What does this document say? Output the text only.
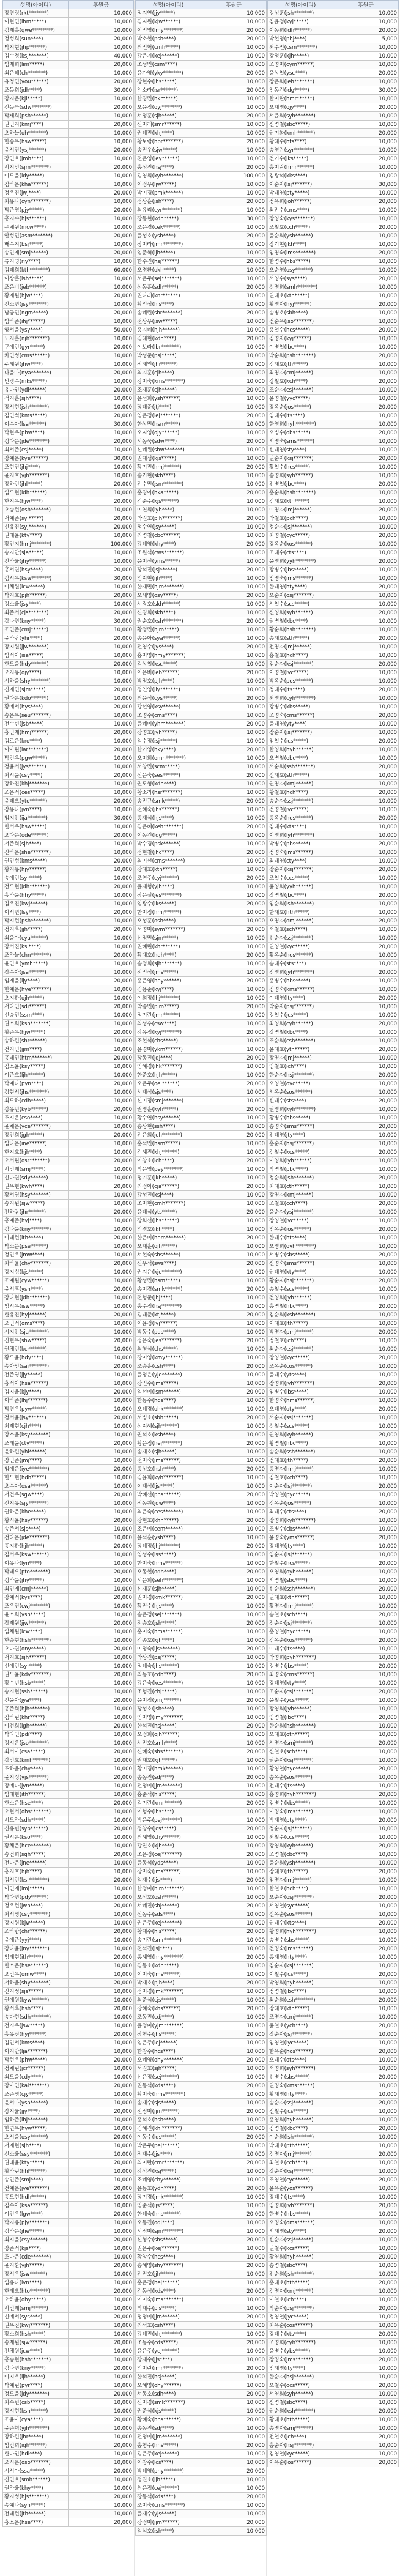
성명(아이디)	후원금
장연정(rkt*******)	10,000
이현민(lhm*****)	10,000
김재홍(qwe********)	10,000
정성희(sun****)	20,000
박지현(jhp******)	10,000
김수정(ksj*******)	40,000
임재희(lim*****)	20,000
최은혜(ch*******)	10,000
유정민(you******)	20,000
조동희(jdh****)	30,000
강지은(kji*****)	10,000
신동욱(sdw*******)	20,000
박세희(psh******)	10,000
권민지(kmj****)	20,000
오하늘(oh*******)	10,000
한승우(hsw*****)	10,000
윤서진(ysj******)	20,000
장민호(jmh****)	10,000
서지민(sjm*******)	20,000
이도윤(ldy*****)	10,000
김하은(kha******)	10,000
정우진(jwj****)	20,000
최유나(cyn*******)	10,000
박준영(pjy*****)	20,000
홍지수(hjs******)	10,000
문채원(mcw****)	10,000
안성민(asm*******)	20,000
배수지(bsj*****)	10,000
송민재(smj******)	20,000
류지영(rjy****)	10,000
김태희(kth*******)	60,000
이상훈(lsh*****)	10,000
조은비(jeb******)	10,000
황재원(hjw****)	20,000
전소연(jsy*******)	10,000
남궁민(ngm*****)	20,000
임하준(ihj******)	10,000
양서윤(ysy****)	50,000
노지훈(njh*******)	10,000
구예린(gyr*****)	20,000
차민성(cms******)	10,000
주혜원(jhw****)	10,000
나윤아(nya*******)	20,000
민경수(mks*****)	10,000
유다인(ydi******)	20,000
석지훈(sjh****)	10,000
장서현(jsh*******)	10,000
김민석(kms*****)	20,000
이수아(lsa******)	30,000
박현우(phw****)	10,000
정다은(jde*******)	20,000
최서준(csj*****)	10,000
강예은(kye******)	30,000
조현진(jhj****)	10,000
윤지호(yjh*******)	10,000
장하린(jhl*****)	20,000
임도현(idh******)	10,000
한지우(hjw****)	20,000
오승현(osh*******)	10,000
서예준(syj*****)	20,000
신유진(syj******)	20,000
권태윤(kty****)	10,000
황민지(hmj*******)	100,000
송지안(sja*****)	10,000
전하율(jhy******)	10,000
홍서연(hsy****)	20,000
김시우(ksw*******)	30,000
이채원(lcw*****)	10,000
박지호(pjh******)	20,000
정소율(jsy****)	10,000
최준서(cjs*******)	20,000
강나연(kny*****)	30,000
조민준(cmj******)	10,000
윤하람(yhr****)	20,000
장지원(jjw*******)	10,000
임서아(isa*****)	10,000
한도윤(hdy******)	20,000
오지유(ojy****)	10,000
서하윤(shy*******)	10,000
신재민(sjm*****)	20,000
권다온(kdo******)	10,000
황예서(hys****)	20,000
송은우(seu*******)	10,000
전수빈(jsb*****)	10,000
홍민재(hmj******)	20,000
김로운(kro****)	10,000
이아린(lar*******)	20,000
박건우(pgw*****)	10,000
정윤서(jys******)	10,000
최시윤(csy****)	20,000
강하진(khj*******)	10,000
조은서(ces*****)	10,000
윤태오(yto******)	20,000
장유나(jyn****)	10,000
임지안(ija*******)	30,000
한서우(hsw*****)	10,000
오다은(ode******)	20,000
서준혁(sjh****)	10,000
신하은(she*******)	10,000
권민성(kms*****)	20,000
황지유(hjy******)	10,000
송예린(syr****)	10,000
전도현(jdh*******)	20,000
홍하윤(hhy*****)	10,000
김우진(kwj******)	10,000
이서연(lsy****)	20,000
박시현(psh*******)	10,000
정지후(jjh*****)	20,000
최윤아(cya******)	10,000
강서진(ksj****)	10,000
조하늘(chn*******)	20,000
윤민호(ymh*****)	10,000
장수아(jsa******)	10,000
임재윤(ijy****)	20,000
한예은(hye*******)	10,000
오지환(ojh*****)	10,000
서다인(sdi******)	20,000
신승민(ssm****)	10,000
권소희(ksh*******)	10,000
황준우(hjw*****)	20,000
송하린(shr******)	10,000
전지민(jjm****)	10,000
홍태민(htm*******)	20,000
김소윤(ksy*****)	10,000
이준호(ljh******)	10,000
박예나(pyn****)	20,000
정현서(jhs*******)	10,000
최도하(cdh*****)	10,000
강유빈(kyb******)	20,000
조시온(cso****)	10,000
윤채은(yce*******)	10,000
장건희(jgh*****)	20,000
임나은(ine******)	10,000
한지호(hjh****)	10,000
오서린(osr*******)	20,000
서민재(smj*****)	10,000
신다연(sdy******)	10,000
권우현(kwh****)	20,000
황서영(hsy*******)	10,000
송지원(sjw*****)	10,000
전하람(jhr******)	20,000
홍예준(hyj****)	10,000
김나윤(kny*******)	10,000
이태현(lth*****)	20,000
박소은(pse******)	10,000
정민우(jmw****)	10,000
최하율(chy*******)	20,000
강지성(kjs*****)	10,000
조예원(cyw******)	10,000
윤서후(ysh****)	20,000
장다현(jdh*******)	10,000
임시우(isw*****)	10,000
한유진(hyj******)	20,000
오민서(oms****)	10,000
서지안(sja*******)	10,000
신현우(shw*****)	20,000
권채린(kcr******)	10,000
황도윤(hdy****)	10,000
송아인(sai*******)	20,000
전준영(jjy*****)	10,000
홍서아(hsa******)	10,000
김지율(kjy****)	20,000
이하준(lhj*******)	10,000
박연우(pyw*****)	10,000
정서윤(jsy******)	20,000
최재현(cjh****)	10,000
강소율(ksy*******)	10,000
조태윤(cty*****)	20,000
윤하린(yhl******)	10,000
장민준(jmj****)	10,000
임예은(iye*******)	20,000
한도현(hdh*****)	10,000
오수아(osa******)	10,000
서건우(sgw****)	20,000
신지유(sjy*******)	10,000
권하은(khe*****)	10,000
황시윤(hsy******)	20,000
송준서(sjs****)	10,000
전다은(jde*******)	10,000
홍지환(hjh*****)	20,000
김서우(ksw******)	10,000
이유나(lyn****)	10,000
박태오(pto*******)	20,000
정하윤(jhy*****)	10,000
최민재(cmj******)	10,000
강예서(kys****)	20,000
조우진(cwj*******)	10,000
윤소희(ysh*****)	10,000
장재원(jjw******)	20,000
임채원(icw****)	10,000
한승현(hsh*******)	10,000
오나연(ony*****)	20,000
서지호(sjh******)	10,000
신예린(syr****)	10,000
권도윤(kdy*******)	20,000
황수빈(hsb*****)	10,000
송시현(ssh******)	10,000
전윤아(jya****)	20,000
홍준혁(hjh*******)	10,000
김하린(khr*****)	10,000
이건희(lgh******)	20,000
박다인(pdi****)	10,000
정시온(jso*******)	10,000
최서아(csa*****)	20,000
강민호(kmh******)	10,000
조하율(chy****)	10,000
윤지성(yjs*******)	20,000
장예나(jyn*****)	10,000
임태현(ith******)	10,000
한소은(hse****)	20,000
오현서(ohs*******)	10,000
서도하(sdh*****)	10,000
신유빈(syb******)	20,000
권시온(kso****)	10,000
황채은(hce*******)	10,000
송건희(sgh*****)	20,000
전나은(jne******)	10,000
홍지호(hjh****)	10,000
김서린(ksr*******)	20,000
이민재(lmj*****)	10,000
박다연(pdy******)	10,000
정우현(jwh****)	20,000
최서영(csy*******)	10,000
강지원(kjw*****)	10,000
조하람(chr******)	20,000
윤예준(yyj****)	10,000
장나윤(jny*******)	10,000
임태현(ith*****)	20,000
한소은(hse******)	10,000
오민우(omw****)	10,000
서하율(shy*******)	20,000
신지성(sjs*****)	10,000
권예원(kyw******)	10,000
황서후(hsh****)	20,000
송다현(sdh*******)	10,000
전시우(jsw*****)	10,000
홍유진(hyj******)	20,000
김민서(kms****)	10,000
이지안(lja*******)	10,000
박현우(phw*****)	20,000
정채린(jcr******)	10,000
최도윤(cdy****)	10,000
강아인(kai*******)	20,000
조준영(cjy*****)	10,000
윤서아(ysa******)	10,000
장지율(jjy****)	20,000
임하준(ihj*******)	10,000
한연우(hyw*****)	10,000
오서윤(osy******)	20,000
서재현(sjh****)	10,000
신소율(ssy*******)	10,000
권태윤(kty*****)	20,000
황하린(hhl******)	10,000
송민준(smj****)	10,000
전예은(jye*******)	20,000
홍도현(hdh*****)	10,000
김수아(ksa******)	10,000
이건우(lgw****)	20,000
박지유(pjy*******)	10,000
정하은(jhe*****)	10,000
최시윤(csy******)	20,000
강준서(kjs****)	10,000
조다은(cde*******)	10,000
윤지환(yjh*****)	20,000
장서우(jsw******)	10,000
임유나(iyn****)	10,000
한태오(hto*******)	20,000
오하윤(ohy*****)	10,000
서민재(smj******)	10,000
신예서(sys****)	20,000
권우진(kwj*******)	10,000
황소희(hsh*****)	10,000
송재원(sjw******)	20,000
전채원(jcw****)	10,000
홍승현(hsh*******)	10,000
김나연(kny*****)	20,000
이지호(ljh******)	10,000
박예린(pyr****)	10,000
정도윤(jdy*******)	20,000
최수빈(csb*****)	10,000
강시현(ksh******)	10,000
조윤아(cya****)	20,000
윤준혁(yjh*******)	10,000
장하린(jhr*****)	10,000
임건희(igh******)	20,000
한다인(hdi****)	10,000
오시온(oso*******)	10,000
서서아(ssa*****)	20,000
신민호(smh******)	10,000
권하율(khy****)	10,000
황지성(hjs*******)	20,000
송예나(syn*****)	10,000
전태현(jth******)	10,000
홍소은(hse****)	20,000
성명(아이디)	후원금
정지연(jjy*****)	10,000
김지원(kjw******)	10,000
이민영(lmy*******)	20,000
박소현(psh****)	20,000
최민혁(cmh*****)	10,000
강은지(kej******)	10,000
조성민(csm****)	10,000
윤가영(yky*******)	20,000
장현수(jhs*****)	10,000
임소라(isr******)	20,000
한경민(hkm****)	10,000
오윤정(oyj*******)	10,000
서정훈(sjh*****)	20,000
신미래(smr******)	10,000
권혜진(khj****)	10,000
황보람(hbr*******)	20,000
송진우(sjw*****)	10,000
전은영(jey******)	10,000
홍성진(hsj****)	20,000
김영희(kyh*******)	100,000
이정우(ljw*****)	10,000
박미경(pmk******)	10,000
정상훈(jsh****)	20,000
최유리(cyr*******)	10,000
강동현(kdh*****)	30,000
조은경(cek******)	10,000
윤성호(ysh****)	20,000
장미라(jmr*******)	10,000
임준혁(ijh*****)	10,000
한수진(hsj******)	20,000
오경환(okh****)	10,000
서은주(sej*******)	10,000
신동훈(sdh*****)	20,000
권나래(knr******)	10,000
황인성(his****)	10,000
송혜린(shr*******)	20,000
전상우(jsw*****)	10,000
홍지혜(hjh******)	10,000
김대현(kdh****)	20,000
이보라(lbr*******)	10,000
박성준(psj*****)	10,000
정해인(jhi******)	20,000
최지훈(cjh****)	10,000
강미숙(kms*******)	10,000
조재훈(cjh*****)	20,000
윤선희(ysh******)	10,000
장태준(jtj****)	10,000
임은정(iej*******)	20,000
한상민(hsm*****)	10,000
오지영(ojy******)	10,000
서동욱(sdw****)	20,000
신혜원(shw*******)	10,000
권재성(kjs*****)	10,000
황미진(hmj******)	20,000
송기현(skh****)	10,000
전수민(jsm*******)	10,000
홍경아(hka*****)	20,000
김준수(kjs******)	10,000
이연희(lyh****)	10,000
박진호(pjh*******)	20,000
정수연(jsy*****)	10,000
최병철(cbc******)	10,000
강혜영(khy****)	20,000
조원석(cws*******)	10,000
윤미선(yms*****)	10,000
장석진(jsj******)	20,000
임지현(ijh****)	10,000
한재민(hjm*******)	10,000
오세영(osy*****)	20,000
서광호(skh******)	10,000
신경희(skh****)	10,000
권순호(ksh*******)	20,000
황정민(hjm*****)	10,000
송윤아(sya******)	10,000
전영수(jys****)	20,000
홍미영(hmy*******)	10,000
김상철(ksc*****)	10,000
이은비(leb******)	20,000
박정호(pjh****)	10,000
정인영(jiy*******)	10,000
최윤석(cys*****)	20,000
강선영(ksy******)	10,000
조명수(cms****)	10,000
윤혜미(yhm*******)	20,000
장영호(jyh*****)	10,000
임수정(isj******)	10,000
한기영(hky****)	20,000
오미희(omh*******)	10,000
서창민(scm*****)	10,000
신은숙(ses******)	20,000
권도형(kdh****)	10,000
황소라(hsr*******)	10,000
송민규(smk*****)	20,000
전혜숙(jhs******)	10,000
홍재석(hjs****)	10,000
김은혜(keh*******)	20,000
이동건(ldg*****)	10,000
박수경(psk******)	10,000
정현철(jhc****)	20,000
최미선(cms*******)	10,000
강태호(kth*****)	10,000
조연주(cyj******)	20,000
윤재형(yjh****)	10,000
장은실(jes*******)	10,000
임광수(iks*****)	20,000
한미정(hmj******)	10,000
오성훈(osh****)	10,000
서영미(sym*******)	20,000
신정민(sjm*****)	10,000
권혜린(khr******)	10,000
황대호(hdh****)	20,000
송정희(sjh*******)	10,000
전민석(jms*****)	10,000
홍은영(hey******)	20,000
김용준(kyj****)	10,000
이희정(lhj*******)	10,000
박종민(pjm*****)	20,000
정미란(jmr******)	10,000
최성우(csw****)	10,000
강유정(kyj*******)	20,000
조현석(chs*****)	10,000
윤경미(ykm******)	10,000
장동진(jdj****)	20,000
임혜경(ihk*******)	10,000
한준호(hjh*****)	10,000
오은주(oej******)	20,000
서재석(sjs****)	10,000
신미정(smj*******)	10,000
권영훈(kyh*****)	20,000
황수연(hsy******)	10,000
송상현(ssh****)	10,000
전은희(jeh*******)	20,000
홍석민(hsm*****)	10,000
김혜진(khj******)	10,000
이창호(lch****)	20,000
박은영(pey*******)	10,000
정기훈(jkh*****)	10,000
최정아(cja******)	20,000
강성진(ksj****)	10,000
조미현(cmh*******)	10,000
윤태식(yts*****)	20,000
장희선(jhs******)	10,000
임경호(ikh****)	10,000
한은미(hem*******)	20,000
오재훈(ojh*****)	10,000
서현숙(shs******)	10,000
신우석(sws****)	20,000
권지은(kje*******)	10,000
황성민(hsm*****)	10,000
송미경(smk******)	20,000
전형준(jhj****)	10,000
홍수정(hsj*******)	10,000
김태준(ktj*****)	20,000
이윤정(lyj******)	10,000
박동수(pds****)	10,000
정은숙(jes*******)	20,000
최형석(chs*****)	10,000
강미영(kmy******)	10,000
조승훈(csh****)	20,000
윤정은(yje*******)	10,000
장민수(jms*****)	10,000
임선미(ism******)	20,000
한동수(hds****)	10,000
오혜경(ohk*******)	10,000
서병호(sbh*****)	20,000
신지혜(sjh******)	10,000
권석호(ksh****)	10,000
황은정(hej*******)	20,000
송재호(sjh*****)	10,000
전미숙(jms******)	10,000
홍성호(hsh****)	20,000
김윤희(kyh*******)	10,000
이재석(ljs*****)	10,000
박혜선(phs******)	20,000
정동원(jdw****)	10,000
최은숙(ces*******)	10,000
강현호(khh*****)	20,000
조은미(cem******)	10,000
윤석훈(ysh****)	10,000
장혜정(jhj*******)	20,000
임성수(iss*****)	10,000
한미숙(hms******)	10,000
오동현(odh****)	20,000
서은희(seh*******)	10,000
신재훈(sjh*****)	10,000
권미경(kmk******)	20,000
황진수(hjs****)	10,000
송은정(sej*******)	10,000
전승호(jsh*****)	20,000
홍미숙(hms******)	10,000
김종호(kjh****)	10,000
이정숙(ljs*******)	20,000
박상진(psj*****)	10,000
정혜숙(jhs******)	10,000
최동호(cdh****)	20,000
강은숙(kes*******)	10,000
조형진(chj*****)	10,000
윤미정(ymj******)	20,000
장성호(jsh****)	10,000
임미영(imy*******)	10,000
한석진(hsj*****)	20,000
오정희(ojh******)	10,000
서민호(smh****)	10,000
신혜숙(shs*******)	20,000
권재호(kjh*****)	10,000
황미경(hmk******)	10,000
송동진(sdj****)	20,000
전정미(jjm*******)	10,000
홍준석(hjs*****)	10,000
김미란(kmr******)	20,000
이형수(lhs****)	10,000
박은주(pej*******)	10,000
정창수(jcs*****)	20,000
최혜영(chy******)	10,000
강진호(kjh****)	10,000
조은정(cej*******)	20,000
윤동석(yds*****)	10,000
장미숙(jms******)	10,000
임재수(ijs****)	20,000
한정미(hjm*******)	10,000
오석호(osh*****)	10,000
서혜진(shj******)	20,000
신동수(sds****)	10,000
권은주(kej*******)	10,000
황재수(hjs*****)	20,000
송미란(smr******)	10,000
전석진(jsj****)	10,000
홍혜영(hhy*******)	20,000
김동호(kdh*****)	10,000
이미숙(lms******)	10,000
박재호(pjh****)	20,000
정미경(jmk*******)	10,000
최준석(cjs*****)	10,000
강혜숙(khs******)	20,000
조동진(cdj****)	10,000
윤정미(yjm*******)	10,000
장형수(jhs*****)	20,000
임은주(iej******)	10,000
한창수(hcs****)	10,000
오혜영(ohy*******)	20,000
서진호(sjh*****)	10,000
신은정(sej******)	10,000
권동석(kds****)	20,000
황미숙(hms*******)	10,000
송재수(sjs*****)	10,000
전정미(jjm******)	20,000
홍석호(hsh****)	10,000
김혜진(khj*******)	10,000
이동수(lds*****)	20,000
박은주(pej******)	10,000
정재수(jjs****)	10,000
최미란(cmr*******)	20,000
강석진(ksj*****)	10,000
조혜영(chy******)	10,000
윤동호(ydh****)	20,000
장미경(jmk*******)	10,000
임준석(ijs*****)	10,000
한혜숙(hhs******)	20,000
오동진(odj****)	10,000
서정미(sjm*******)	10,000
신형수(shs*****)	20,000
권은주(kej******)	10,000
황창수(hcs****)	10,000
송혜영(shy*******)	20,000
전진호(jjh*****)	10,000
홍은정(hej******)	10,000
김동석(kds****)	20,000
이미숙(lms*******)	10,000
박재수(pjs*****)	10,000
정정미(jjm******)	20,000
최석호(csh****)	10,000
강혜진(khj*******)	10,000
조동수(cds*****)	20,000
윤은주(yej******)	10,000
장재수(jjs****)	10,000
임미란(imr*******)	20,000
한석진(hsj*****)	10,000
오혜영(ohy******)	10,000
서동호(sdh****)	20,000
신미경(smk*******)	10,000
권준석(kjs*****)	10,000
황혜숙(hhs******)	20,000
송동진(sdj****)	10,000
전정미(jjm*******)	10,000
홍형수(hhs*****)	20,000
김은주(kej******)	10,000
이창수(lcs****)	10,000
박혜영(phy*******)	20,000
정진호(jjh*****)	10,000
최은정(cej******)	10,000
강동석(kds****)	20,000
조미숙(cms*******)	10,000
윤재수(yjs*****)	10,000
장정미(jjm******)	20,000
임석호(ish****)	10,000
성명(아이디)	후원금
정성훈(jsh*******)	10,000
김윤정(kyj*****)	10,000
이동희(ldh******)	20,000
박현정(phj****)	5,000
최수민(csm*******)	10,000
강정훈(kjh*****)	10,000
조영미(cym******)	10,000
윤상철(ysc****)	20,000
장은희(jeh*******)	10,000
임동건(idg*****)	30,000
한미란(hmr******)	10,000
오재영(ojy****)	20,000
서윤희(syh*******)	10,000
신병철(sbc*****)	10,000
권미화(kmh******)	20,000
황태수(hts****)	10,000
송영란(syr*******)	10,000
전기수(jks*****)	20,000
홍미란(hmr******)	10,000
김광석(kks****)	10,000
이순자(lsj*******)	30,000
박태영(pty*****)	10,000
정옥희(joh******)	20,000
최만수(cms****)	10,000
강영숙(kys*******)	10,000
조철호(cch*****)	20,000
윤순희(ysh******)	10,000
장기현(jkh****)	10,000
임명숙(ims*******)	20,000
한병수(hbs*****)	10,000
오순영(osy******)	10,000
서영수(sys****)	20,000
신명희(smh*******)	10,000
권태호(kth*****)	10,000
황영자(hyj******)	20,000
송병호(sbh****)	10,000
전순옥(jso*******)	10,000
홍철수(hcs*****)	20,000
김영자(kyj******)	10,000
이병철(lbc****)	10,000
박순희(psh*******)	20,000
정태호(jth*****)	10,000
최명자(cmj******)	10,000
강철호(kch****)	20,000
조순자(csj*******)	10,000
윤영철(yyc*****)	10,000
장옥순(jos******)	20,000
임태수(its****)	10,000
한영희(hyh*******)	10,000
오병수(obs*****)	20,000
서명숙(sms******)	10,000
신태영(sty****)	10,000
권순자(ksj*******)	20,000
황철수(hcs*****)	10,000
송영희(syh******)	10,000
전병철(jbc****)	20,000
홍순희(hsh*******)	10,000
김태호(kth*****)	10,000
이명자(lmj******)	20,000
박철호(pch****)	10,000
정순자(jsj*******)	10,000
최영철(cyc*****)	20,000
강옥순(kos******)	10,000
조태수(cts****)	10,000
윤영희(yyh*******)	20,000
장병수(jbs*****)	10,000
임명숙(ims******)	10,000
한태영(hty****)	20,000
오순자(osj*******)	10,000
서철수(scs*****)	10,000
신영희(syh******)	20,000
권병철(kbc****)	10,000
황순희(hsh*******)	10,000
송태호(sth*****)	20,000
전명자(jmj******)	10,000
홍철호(hch****)	10,000
김순자(ksj*******)	20,000
이영철(lyc*****)	10,000
박옥순(pos******)	10,000
정태수(jts****)	20,000
최영희(cyh*******)	10,000
강병수(kbs*****)	10,000
조명숙(cms******)	20,000
윤태영(yty****)	10,000
장순자(jsj*******)	10,000
임철수(ics*****)	20,000
한영희(hyh******)	10,000
오병철(obc****)	10,000
서순희(ssh*******)	20,000
신태호(sth*****)	10,000
권명자(kmj******)	10,000
황철호(hch****)	20,000
송순자(ssj*******)	10,000
전영철(jyc*****)	10,000
홍옥순(hos******)	20,000
김태수(kts****)	10,000
이영희(lyh*******)	10,000
박병수(pbs*****)	20,000
정명숙(jms******)	10,000
최태영(cty****)	10,000
강순자(ksj*******)	20,000
조철수(ccs*****)	10,000
윤영희(yyh******)	10,000
장병철(jbc****)	20,000
임순희(ish*******)	10,000
한태호(hth*****)	10,000
오명자(omj******)	20,000
서철호(sch****)	10,000
신순자(ssj*******)	10,000
권영철(kyc*****)	20,000
황옥순(hos******)	10,000
송태수(sts****)	10,000
전영희(jyh*******)	20,000
홍병수(hbs*****)	10,000
김명숙(kms******)	10,000
이태영(lty****)	20,000
박순자(psj*******)	10,000
정철수(jcs*****)	10,000
최영희(cyh******)	20,000
강병철(kbc****)	10,000
조순희(csh*******)	10,000
윤태호(yth*****)	20,000
장명자(jmj******)	10,000
임철호(ich****)	10,000
한순자(hsj*******)	20,000
오영철(oyc*****)	10,000
서옥순(sos******)	10,000
신태수(sts****)	20,000
권영희(kyh*******)	10,000
황병수(hbs*****)	10,000
송명숙(sms******)	20,000
전태영(jty****)	10,000
홍순자(hsj*******)	10,000
김철수(kcs*****)	20,000
이영희(lyh******)	10,000
박병철(pbc****)	10,000
정순희(jsh*******)	20,000
최태호(cth*****)	10,000
강명자(kmj******)	10,000
조철호(cch****)	20,000
윤순자(ysj*******)	10,000
장영철(jyc*****)	10,000
임옥순(ios******)	20,000
한태수(hts****)	10,000
오영희(oyh*******)	10,000
서병수(sbs*****)	20,000
신명숙(sms******)	10,000
권태영(kty****)	10,000
황순자(hsj*******)	20,000
송철수(scs*****)	10,000
전영희(jyh******)	10,000
홍병철(hbc****)	20,000
김순희(ksh*******)	10,000
이태호(lth*****)	10,000
박명자(pmj******)	20,000
정철호(jch****)	10,000
최순자(csj*******)	10,000
강영철(kyc*****)	20,000
조옥순(cos******)	10,000
윤태수(yts****)	10,000
장영희(jyh*******)	20,000
임병수(ibs*****)	10,000
한명숙(hms******)	10,000
오태영(oty****)	20,000
서순자(ssj*******)	10,000
신철수(scs*****)	10,000
권영희(kyh******)	20,000
황병철(hbc****)	10,000
송순희(ssh*******)	10,000
전태호(jth*****)	20,000
홍명자(hmj******)	10,000
김철호(kch****)	10,000
이순자(lsj*******)	20,000
박영철(pyc*****)	10,000
정옥순(jos******)	10,000
최태수(cts****)	20,000
강영희(kyh*******)	10,000
조병수(cbs*****)	10,000
윤명숙(yms******)	20,000
장태영(jty****)	10,000
임순자(isj*******)	10,000
한철수(hcs*****)	20,000
오영희(oyh******)	10,000
서병철(sbc****)	10,000
신순희(ssh*******)	20,000
권태호(kth*****)	10,000
황명자(hmj******)	10,000
송철호(sch****)	20,000
전순자(jsj*******)	10,000
홍영철(hyc*****)	10,000
김옥순(kos******)	20,000
이태수(lts****)	10,000
박영희(pyh*******)	10,000
정병수(jbs*****)	20,000
최명숙(cms******)	10,000
강태영(kty****)	10,000
조순자(csj*******)	20,000
윤철수(ycs*****)	10,000
장영희(jyh******)	10,000
임병철(ibc****)	20,000
한순희(hsh*******)	10,000
오태호(oth*****)	10,000
서명자(smj******)	20,000
신철호(sch****)	10,000
권순자(ksj*******)	10,000
황영철(hyc*****)	20,000
송옥순(sos******)	10,000
전태수(jts****)	10,000
홍영희(hyh*******)	20,000
김병수(kbs*****)	10,000
이명숙(lms******)	10,000
박태영(pty****)	20,000
정순자(jsj*******)	10,000
최철수(ccs*****)	10,000
강영희(kyh******)	20,000
조병철(cbc****)	10,000
윤순희(ysh*******)	10,000
장태호(jth*****)	20,000
임명자(imj******)	10,000
한철호(hch****)	10,000
오순자(osj*******)	20,000
서영철(syc*****)	10,000
신옥순(sos******)	10,000
권태수(kts****)	20,000
황영희(hyh*******)	10,000
송병수(sbs*****)	10,000
전명숙(jms******)	20,000
홍태영(hty****)	10,000
김순자(ksj*******)	10,000
이철수(lcs*****)	20,000
박영희(pyh******)	10,000
정병철(jbc****)	10,000
최순희(csh*******)	20,000
강태호(kth*****)	10,000
조명자(cmj******)	10,000
윤철호(ych****)	20,000
장순자(jsj*******)	10,000
임영철(iyc*****)	10,000
한옥순(hos******)	20,000
오태수(ots****)	10,000
서영희(syh*******)	10,000
신병수(sbs*****)	20,000
권명숙(kms******)	10,000
황태영(hty****)	10,000
송순자(ssj*******)	20,000
전철수(jcs*****)	10,000
홍영희(hyh******)	10,000
김병철(kbc****)	20,000
이순희(lsh*******)	10,000
박태호(pth*****)	10,000
정명자(jmj******)	20,000
최철호(cch****)	10,000
강순자(ksj*******)	10,000
조영철(cyc*****)	20,000
윤옥순(yos******)	10,000
장태수(jts****)	10,000
임영희(iyh*******)	20,000
한병수(hbs*****)	10,000
오명숙(oms******)	10,000
서태영(sty****)	20,000
신순자(ssj*******)	10,000
권철수(kcs*****)	10,000
황영희(hyh******)	20,000
송병철(sbc****)	10,000
전순희(jsh*******)	10,000
홍태호(hth*****)	20,000
김명자(kmj******)	10,000
이철호(lch****)	10,000
박순자(psj*******)	20,000
정영철(jyc*****)	10,000
최옥순(cos******)	10,000
강태수(kts****)	20,000
조영희(cyh*******)	10,000
윤병수(ybs*****)	10,000
장명숙(jms******)	20,000
임태영(ity****)	10,000
한순자(hsj*******)	10,000
오철수(ocs*****)	20,000
서영희(syh******)	10,000
신병철(sbc****)	10,000
권순희(ksh*******)	20,000
황태호(hth*****)	10,000
송명자(smj******)	10,000
전철호(jch****)	20,000
홍순자(hsj*******)	10,000
김영철(kyc*****)	10,000
이옥순(los******)	20,000
